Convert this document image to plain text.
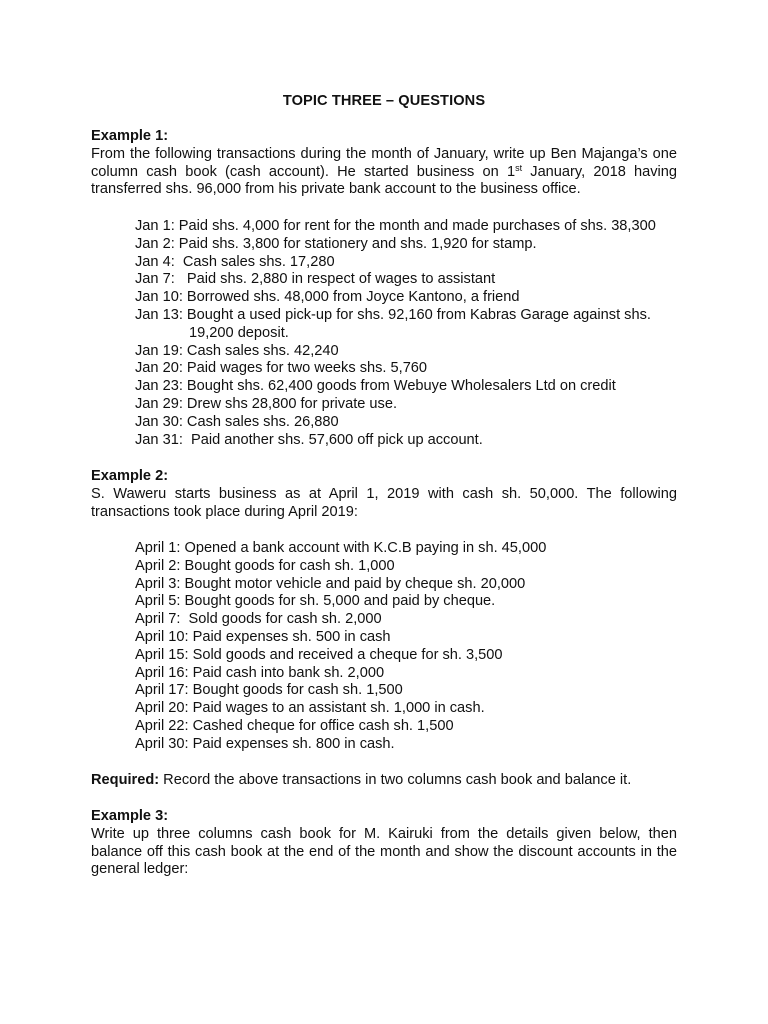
TOPIC THREE – QUESTIONS
Example 1:
From the following transactions during the month of January, write up Ben Majanga’s one column cash book (cash account). He started business on 1st January, 2018 having transferred shs. 96,000 from his private bank account to the business office.
Jan 1: Paid shs. 4,000 for rent for the month and made purchases of shs. 38,300
Jan 2: Paid shs. 3,800 for stationery and shs. 1,920 for stamp.
Jan 4:  Cash sales shs. 17,280
Jan 7:   Paid shs. 2,880 in respect of wages to assistant
Jan 10: Borrowed shs. 48,000 from Joyce Kantono, a friend
Jan 13: Bought a used pick-up for shs. 92,160 from Kabras Garage against shs.
19,200 deposit.
Jan 19: Cash sales shs. 42,240
Jan 20: Paid wages for two weeks shs. 5,760
Jan 23: Bought shs. 62,400 goods from Webuye Wholesalers Ltd on credit
Jan 29: Drew shs 28,800 for private use.
Jan 30: Cash sales shs. 26,880
Jan 31:  Paid another shs. 57,600 off pick up account.
Example 2:
S. Waweru starts business as at April 1, 2019 with cash sh. 50,000. The following transactions took place during April 2019:
April 1: Opened a bank account with K.C.B paying in sh. 45,000
April 2: Bought goods for cash sh. 1,000
April 3: Bought motor vehicle and paid by cheque sh. 20,000
April 5: Bought goods for sh. 5,000 and paid by cheque.
April 7:  Sold goods for cash sh. 2,000
April 10: Paid expenses sh. 500 in cash
April 15: Sold goods and received a cheque for sh. 3,500
April 16: Paid cash into bank sh. 2,000
April 17: Bought goods for cash sh. 1,500
April 20: Paid wages to an assistant sh. 1,000 in cash.
April 22: Cashed cheque for office cash sh. 1,500
April 30: Paid expenses sh. 800 in cash.
Required: Record the above transactions in two columns cash book and balance it.
Example 3:
Write up three columns cash book for M. Kairuki from the details given below, then balance off this cash book at the end of the month and show the discount accounts in the general ledger:
